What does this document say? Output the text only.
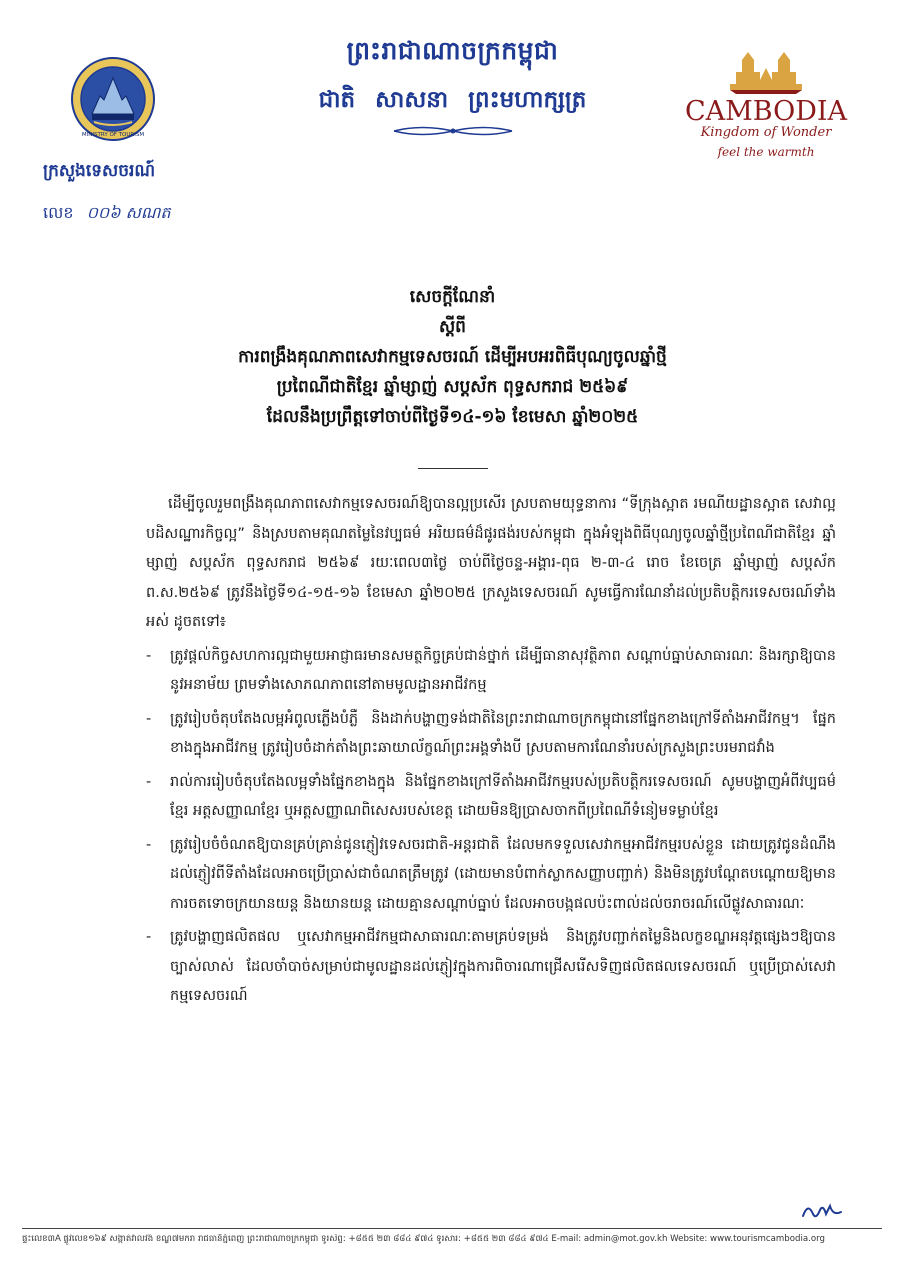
MINISTRY OF TOURISM
ព្រះរាជាណាចក្រកម្ពុជា
ជាតិ សាសនា ព្រះមហាក្សត្រ
ក្រសួងទេសចរណ៍
លេខ ០០៦ សណត
CAMBODIA
Kingdom of Wonder
feel the warmth
សេចក្តីណែនាំ
ស្តីពី
ការពង្រឹងគុណភាពសេវាកម្មទេសចរណ៍ ដើម្បីអបអរពិធីបុណ្យចូលឆ្នាំថ្មី
ប្រពៃណីជាតិខ្មែរ ឆ្នាំម្សាញ់ សប្តស័ក ពុទ្ធសករាជ ២៥៦៩
ដែលនឹងប្រព្រឹត្តទៅចាប់ពីថ្ងៃទី១៤-១៦ ខែមេសា ឆ្នាំ២០២៥

ដើម្បីចូលរួមពង្រឹងគុណភាពសេវាកម្មទេសចរណ៍ឱ្យបានល្អប្រសើរ ស្របតាមយុទ្ធនាការ “ទីក្រុងស្អាត រមណីយដ្ឋានស្អាត សេវាល្អ បដិសណ្ឋារកិច្ចល្អ” និងស្របតាមគុណតម្លៃនៃវប្បធម៌ អរិយធម៌ដ៏ផូរផង់របស់កម្ពុជា ក្នុងអំឡុងពិធីបុណ្យចូលឆ្នាំថ្មីប្រពៃណីជាតិខ្មែរ ឆ្នាំម្សាញ់ សប្តស័ក ពុទ្ធសករាជ ២៥៦៩ រយៈពេល៣ថ្ងៃ ចាប់ពីថ្ងៃចន្ទ-អង្គារ-ពុធ ២-៣-៤ រោច ខែចេត្រ ឆ្នាំម្សាញ់ សប្តស័ក ព.ស.២៥៦៩ ត្រូវនឹងថ្ងៃទី១៤-១៥-១៦ ខែមេសា ឆ្នាំ២០២៥ ក្រសួងទេសចរណ៍ សូមធ្វើការណែនាំដល់ប្រតិបត្តិករទេសចរណ៍ទាំងអស់ ដូចតទៅ៖

- ត្រូវផ្តល់កិច្ចសហការល្អជាមួយអាជ្ញាធរមានសមត្ថកិច្ចគ្រប់ជាន់ថ្នាក់ ដើម្បីធានាសុវត្ថិភាព សណ្តាប់ធ្នាប់សាធារណៈ និងរក្សាឱ្យបាននូវអនាម័យ ព្រមទាំងសោភណភាពនៅតាមមូលដ្ឋានអាជីវកម្ម
- ត្រូវរៀបចំតុបតែងលម្អអំពូលភ្លើងបំភ្លឺ និងដាក់បង្ហាញទង់ជាតិនៃព្រះរាជាណាចក្រកម្ពុជានៅផ្នែកខាងក្រៅទីតាំងអាជីវកម្ម។ ផ្នែកខាងក្នុងអាជីវកម្ម ត្រូវរៀបចំដាក់តាំងព្រះឆាយាល័ក្ខណ៍ព្រះអង្គទាំងបី ស្របតាមការណែនាំរបស់ក្រសួងព្រះបរមរាជវាំង
- រាល់ការរៀបចំតុបតែងលម្អទាំងផ្នែកខាងក្នុង និងផ្នែកខាងក្រៅទីតាំងអាជីវកម្មរបស់ប្រតិបត្តិករទេសចរណ៍ សូមបង្ហាញអំពីវប្បធម៌ខ្មែរ អត្តសញ្ញាណខ្មែរ ឬអត្តសញ្ញាណពិសេសរបស់ខេត្ត ដោយមិនឱ្យប្រាសចាកពីប្រពៃណីទំនៀមទម្លាប់ខ្មែរ
- ត្រូវរៀបចំចំណតឱ្យបានគ្រប់គ្រាន់ជូនភ្ញៀវទេសចរជាតិ-អន្តរជាតិ ដែលមកទទួលសេវាកម្មអាជីវកម្មរបស់ខ្លួន ដោយត្រូវជូនដំណឹងដល់ភ្ញៀវពីទីតាំងដែលអាចប្រើប្រាស់ជាចំណតត្រឹមត្រូវ (ដោយមានបំពាក់ស្លាកសញ្ញាបញ្ជាក់) និងមិនត្រូវបណ្តែតបណ្តោយឱ្យមានការចតទោចក្រយានយន្ត និងយានយន្ត ដោយគ្មានសណ្តាប់ធ្នាប់ ដែលអាចបង្កផលប៉ះពាល់ដល់ចរាចរណ៍លើផ្លូវសាធារណៈ
- ត្រូវបង្ហាញផលិតផល ឬសេវាកម្មអាជីវកម្មជាសាធារណៈតាមគ្រប់ទម្រង់ និងត្រូវបញ្ជាក់តម្លៃនិងលក្ខខណ្ឌអនុវត្តផ្សេងៗឱ្យបានច្បាស់លាស់ ដែលចាំបាច់សម្រាប់ជាមូលដ្ឋានដល់ភ្ញៀវក្នុងការពិចារណាជ្រើសរើសទិញផលិតផលទេសចរណ៍ ឬប្រើប្រាស់សេវាកម្មទេសចរណ៍
ផ្ទះលេខ៣A ផ្លូវលេខ១៦៩ សង្កាត់វាលវង់ ខណ្ឌ៧មករា រាជធានីភ្នំពេញ ព្រះរាជាណាចក្រកម្ពុជា ទូរស័ព្ទ: +៨៥៥ ២៣ ៨៨៤ ៩៧៤ ទូរសារ: +៨៥៥ ២៣ ៨៨៤ ៩៧៤ E-mail: admin@mot.gov.kh Website: www.tourismcambodia.org
